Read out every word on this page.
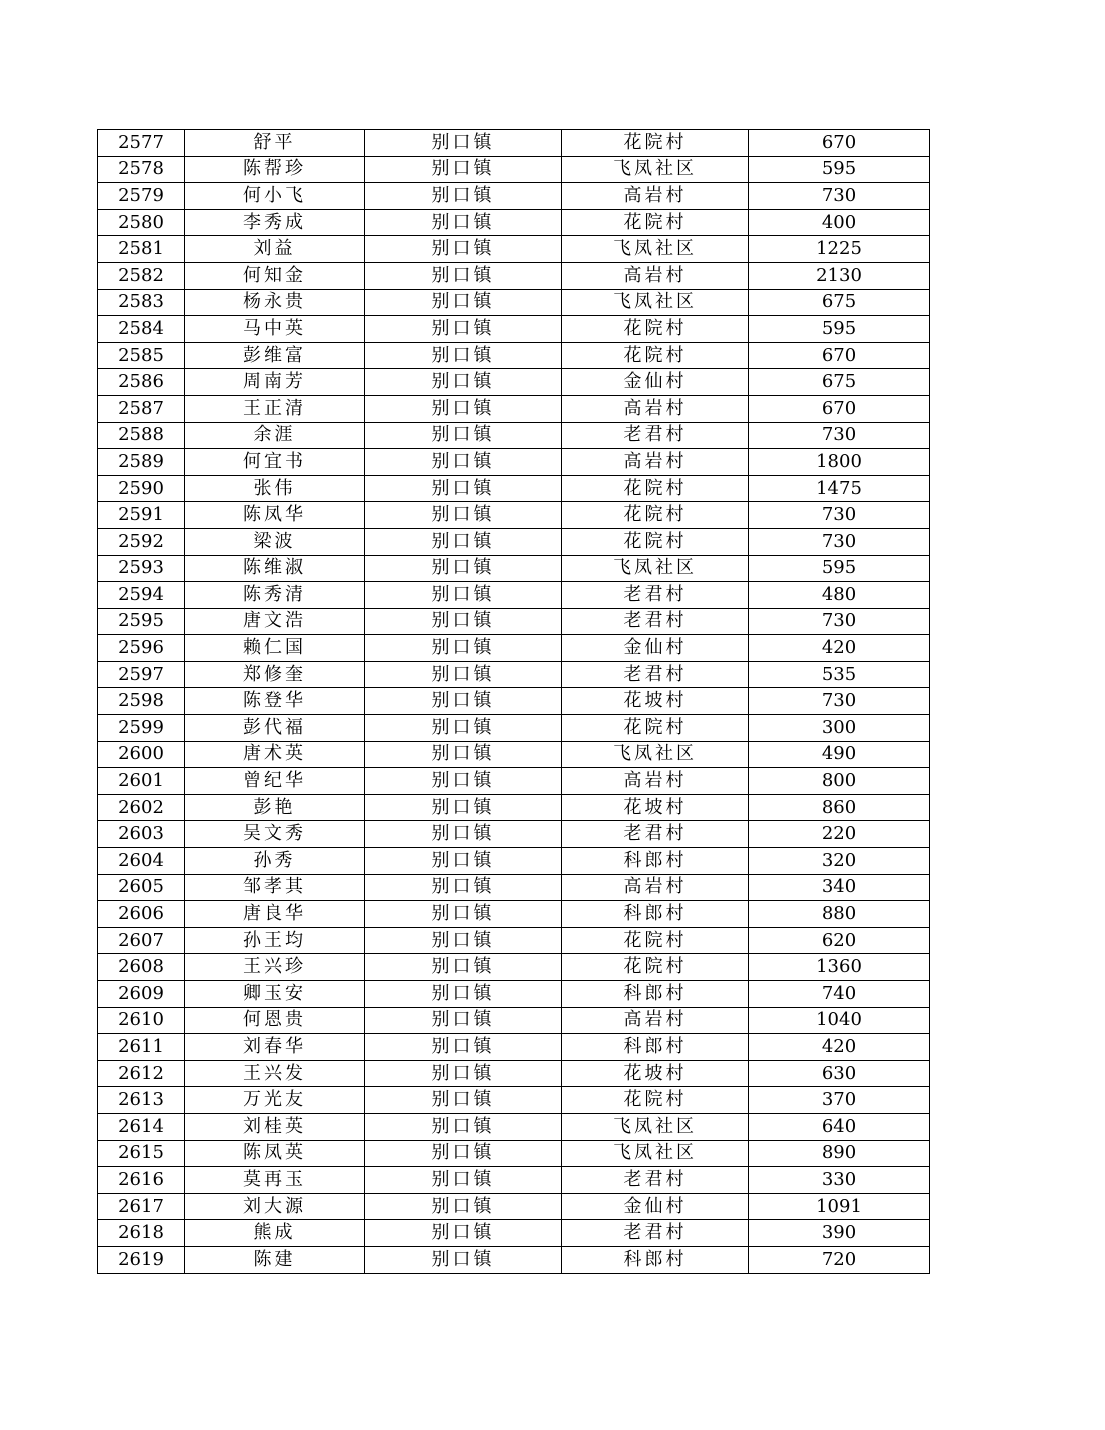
2577	舒平	别口镇	花院村	670
2578	陈帮珍	别口镇	飞凤社区	595
2579	何小飞	别口镇	高岩村	730
2580	李秀成	别口镇	花院村	400
2581	刘益	别口镇	飞凤社区	1225
2582	何知金	别口镇	高岩村	2130
2583	杨永贵	别口镇	飞凤社区	675
2584	马中英	别口镇	花院村	595
2585	彭维富	别口镇	花院村	670
2586	周南芳	别口镇	金仙村	675
2587	王正清	别口镇	高岩村	670
2588	余涯	别口镇	老君村	730
2589	何宜书	别口镇	高岩村	1800
2590	张伟	别口镇	花院村	1475
2591	陈凤华	别口镇	花院村	730
2592	梁波	别口镇	花院村	730
2593	陈维淑	别口镇	飞凤社区	595
2594	陈秀清	别口镇	老君村	480
2595	唐文浩	别口镇	老君村	730
2596	赖仁国	别口镇	金仙村	420
2597	郑修奎	别口镇	老君村	535
2598	陈登华	别口镇	花坡村	730
2599	彭代福	别口镇	花院村	300
2600	唐术英	别口镇	飞凤社区	490
2601	曾纪华	别口镇	高岩村	800
2602	彭艳	别口镇	花坡村	860
2603	吴文秀	别口镇	老君村	220
2604	孙秀	别口镇	科郎村	320
2605	邹孝其	别口镇	高岩村	340
2606	唐良华	别口镇	科郎村	880
2607	孙王均	别口镇	花院村	620
2608	王兴珍	别口镇	花院村	1360
2609	卿玉安	别口镇	科郎村	740
2610	何恩贵	别口镇	高岩村	1040
2611	刘春华	别口镇	科郎村	420
2612	王兴发	别口镇	花坡村	630
2613	万光友	别口镇	花院村	370
2614	刘桂英	别口镇	飞凤社区	640
2615	陈凤英	别口镇	飞凤社区	890
2616	莫再玉	别口镇	老君村	330
2617	刘大源	别口镇	金仙村	1091
2618	熊成	别口镇	老君村	390
2619	陈建	别口镇	科郎村	720
